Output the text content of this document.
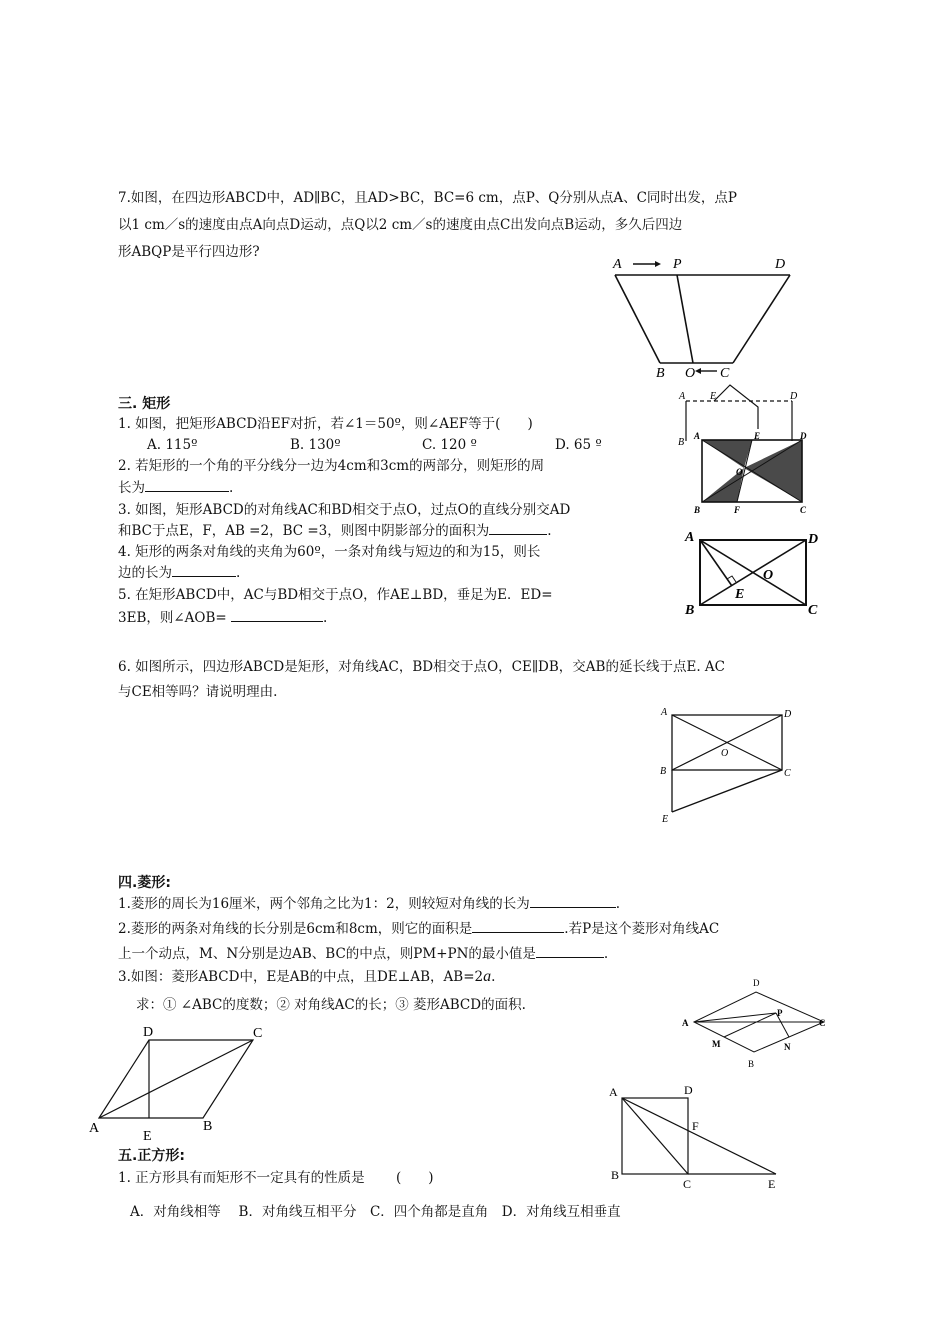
7.如图，在四边形ABCD中，AD∥BC，且AD>BC，BC=6 cm，点P、Q分别从点A、C同时出发，点P
以1 cm／s的速度由点A向点D运动，点Q以2 cm／s的速度由点C出发向点B运动，多久后四边
形ABQP是平行四边形?
A	P	D
B O C
三. 矩形
1. 如图，把矩形ABCD沿EF对折，若∠1＝50º，则∠AEF等于(　　)
A. 115º	B. 130º	C. 120 º	D. 65 º
2. 若矩形的一个角的平分线分一边为4cm和3cm的两部分，则矩形的周
长为	.
3. 如图，矩形ABCD的对角线AC和BD相交于点O，过点O的直线分别交AD
和BC于点E，F，AB =2，BC =3，则图中阴影部分的面积为	.
4. 矩形的两条对角线的夹角为60º，一条对角线与短边的和为15，则长
边的长为	.
5. 在矩形ABCD中，AC与BD相交于点O，作AE⊥BD，垂足为E．ED=
3EB，则∠AOB=	.
6. 如图所示，四边形ABCD是矩形，对角线AC，BD相交于点O，CE∥DB，交AB的延长线于点E. AC
与CE相等吗？请说明理由.
A E	D
B
A	E	D
O
B	F	C
A	D
O
E
B	C
A	D
O
B	C
E
四.菱形:
1.菱形的周长为16厘米，两个邻角之比为1：2，则较短对角线的长为	.
2.菱形的两条对角线的长分别是6cm和8cm，则它的面积是	.若P是这个菱形对角线AC
上一个动点，M、N分别是边AB、BC的中点，则PM+PN的最小值是	.
3.如图：菱形ABCD中，E是AB的中点，且DE⊥AB，AB=2a.
求：① ∠ABC的度数；② 对角线AC的长；③ 菱形ABCD的面积.
D
A
P
C
M	N
B
D	C
A
E
B
A	D
F
B
C	E
五.正方形:
1. 正方形具有而矩形不一定具有的性质是　　 (　　)
A．对角线相等　 B．对角线互相平分　C．四个角都是直角　D．对角线互相垂直
